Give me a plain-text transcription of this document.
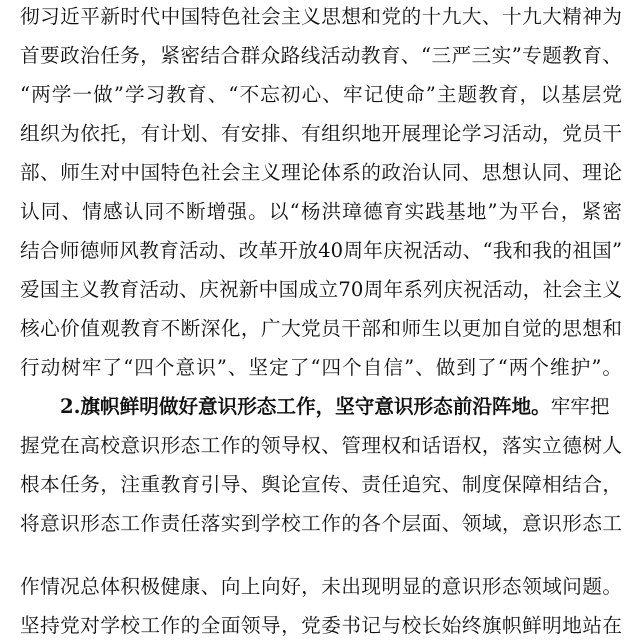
彻习近平新时代中国特色社会主义思想和党的十九大、十九大精神为
首要政治任务，紧密结合群众路线活动教育、“三严三实”专题教育、
“两学一做”学习教育、“不忘初心、牢记使命”主题教育，以基层党
组织为依托，有计划、有安排、有组织地开展理论学习活动，党员干
部、师生对中国特色社会主义理论体系的政治认同、思想认同、理论
认同、情感认同不断增强。以“杨洪璋德育实践基地”为平台，紧密
结合师德师风教育活动、改革开放40周年庆祝活动、“我和我的祖国”
爱国主义教育活动、庆祝新中国成立70周年系列庆祝活动，社会主义
核心价值观教育不断深化，广大党员干部和师生以更加自觉的思想和
行动树牢了“四个意识”、坚定了“四个自信”、做到了“两个维护”。
2.旗帜鲜明做好意识形态工作，坚守意识形态前沿阵地。牢牢把
握党在高校意识形态工作的领导权、管理权和话语权，落实立德树人
根本任务，注重教育引导、舆论宣传、责任追究、制度保障相结合，
将意识形态工作责任落实到学校工作的各个层面、领域，意识形态工
作情况总体积极健康、向上向好，未出现明显的意识形态领域问题。
坚持党对学校工作的全面领导，党委书记与校长始终旗帜鲜明地站在
